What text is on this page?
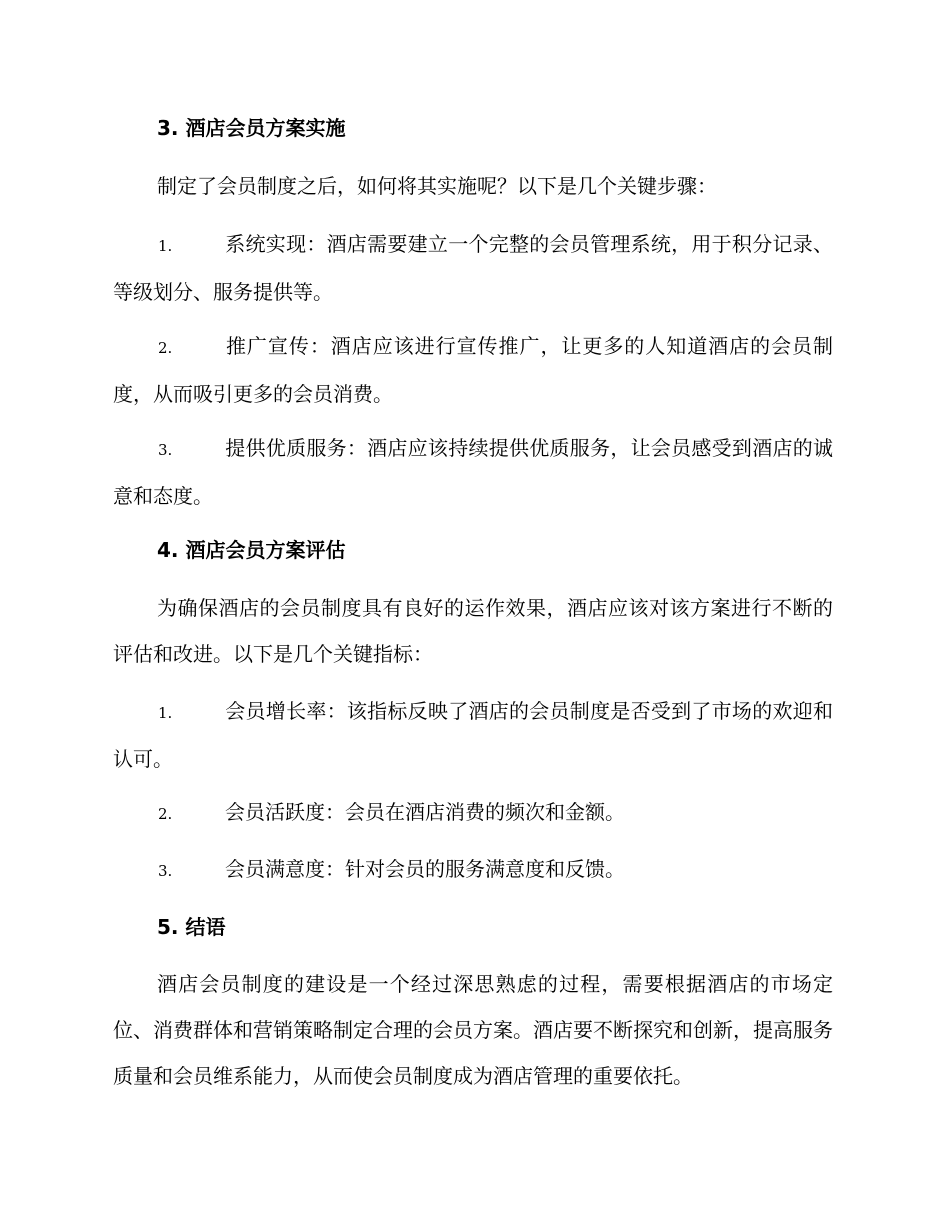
3. 酒店会员方案实施
制定了会员制度之后，如何将其实施呢？以下是几个关键步骤：
1.	系统实现：酒店需要建立一个完整的会员管理系统，用于积分记录、等级划分、服务提供等。
2.	推广宣传：酒店应该进行宣传推广，让更多的人知道酒店的会员制度，从而吸引更多的会员消费。
3.	提供优质服务：酒店应该持续提供优质服务，让会员感受到酒店的诚意和态度。
4. 酒店会员方案评估
为确保酒店的会员制度具有良好的运作效果，酒店应该对该方案进行不断的评估和改进。以下是几个关键指标：
1.	会员增长率：该指标反映了酒店的会员制度是否受到了市场的欢迎和认可。
2.	会员活跃度：会员在酒店消费的频次和金额。
3.	会员满意度：针对会员的服务满意度和反馈。
5. 结语
酒店会员制度的建设是一个经过深思熟虑的过程，需要根据酒店的市场定位、消费群体和营销策略制定合理的会员方案。酒店要不断探究和创新，提高服务质量和会员维系能力，从而使会员制度成为酒店管理的重要依托。
